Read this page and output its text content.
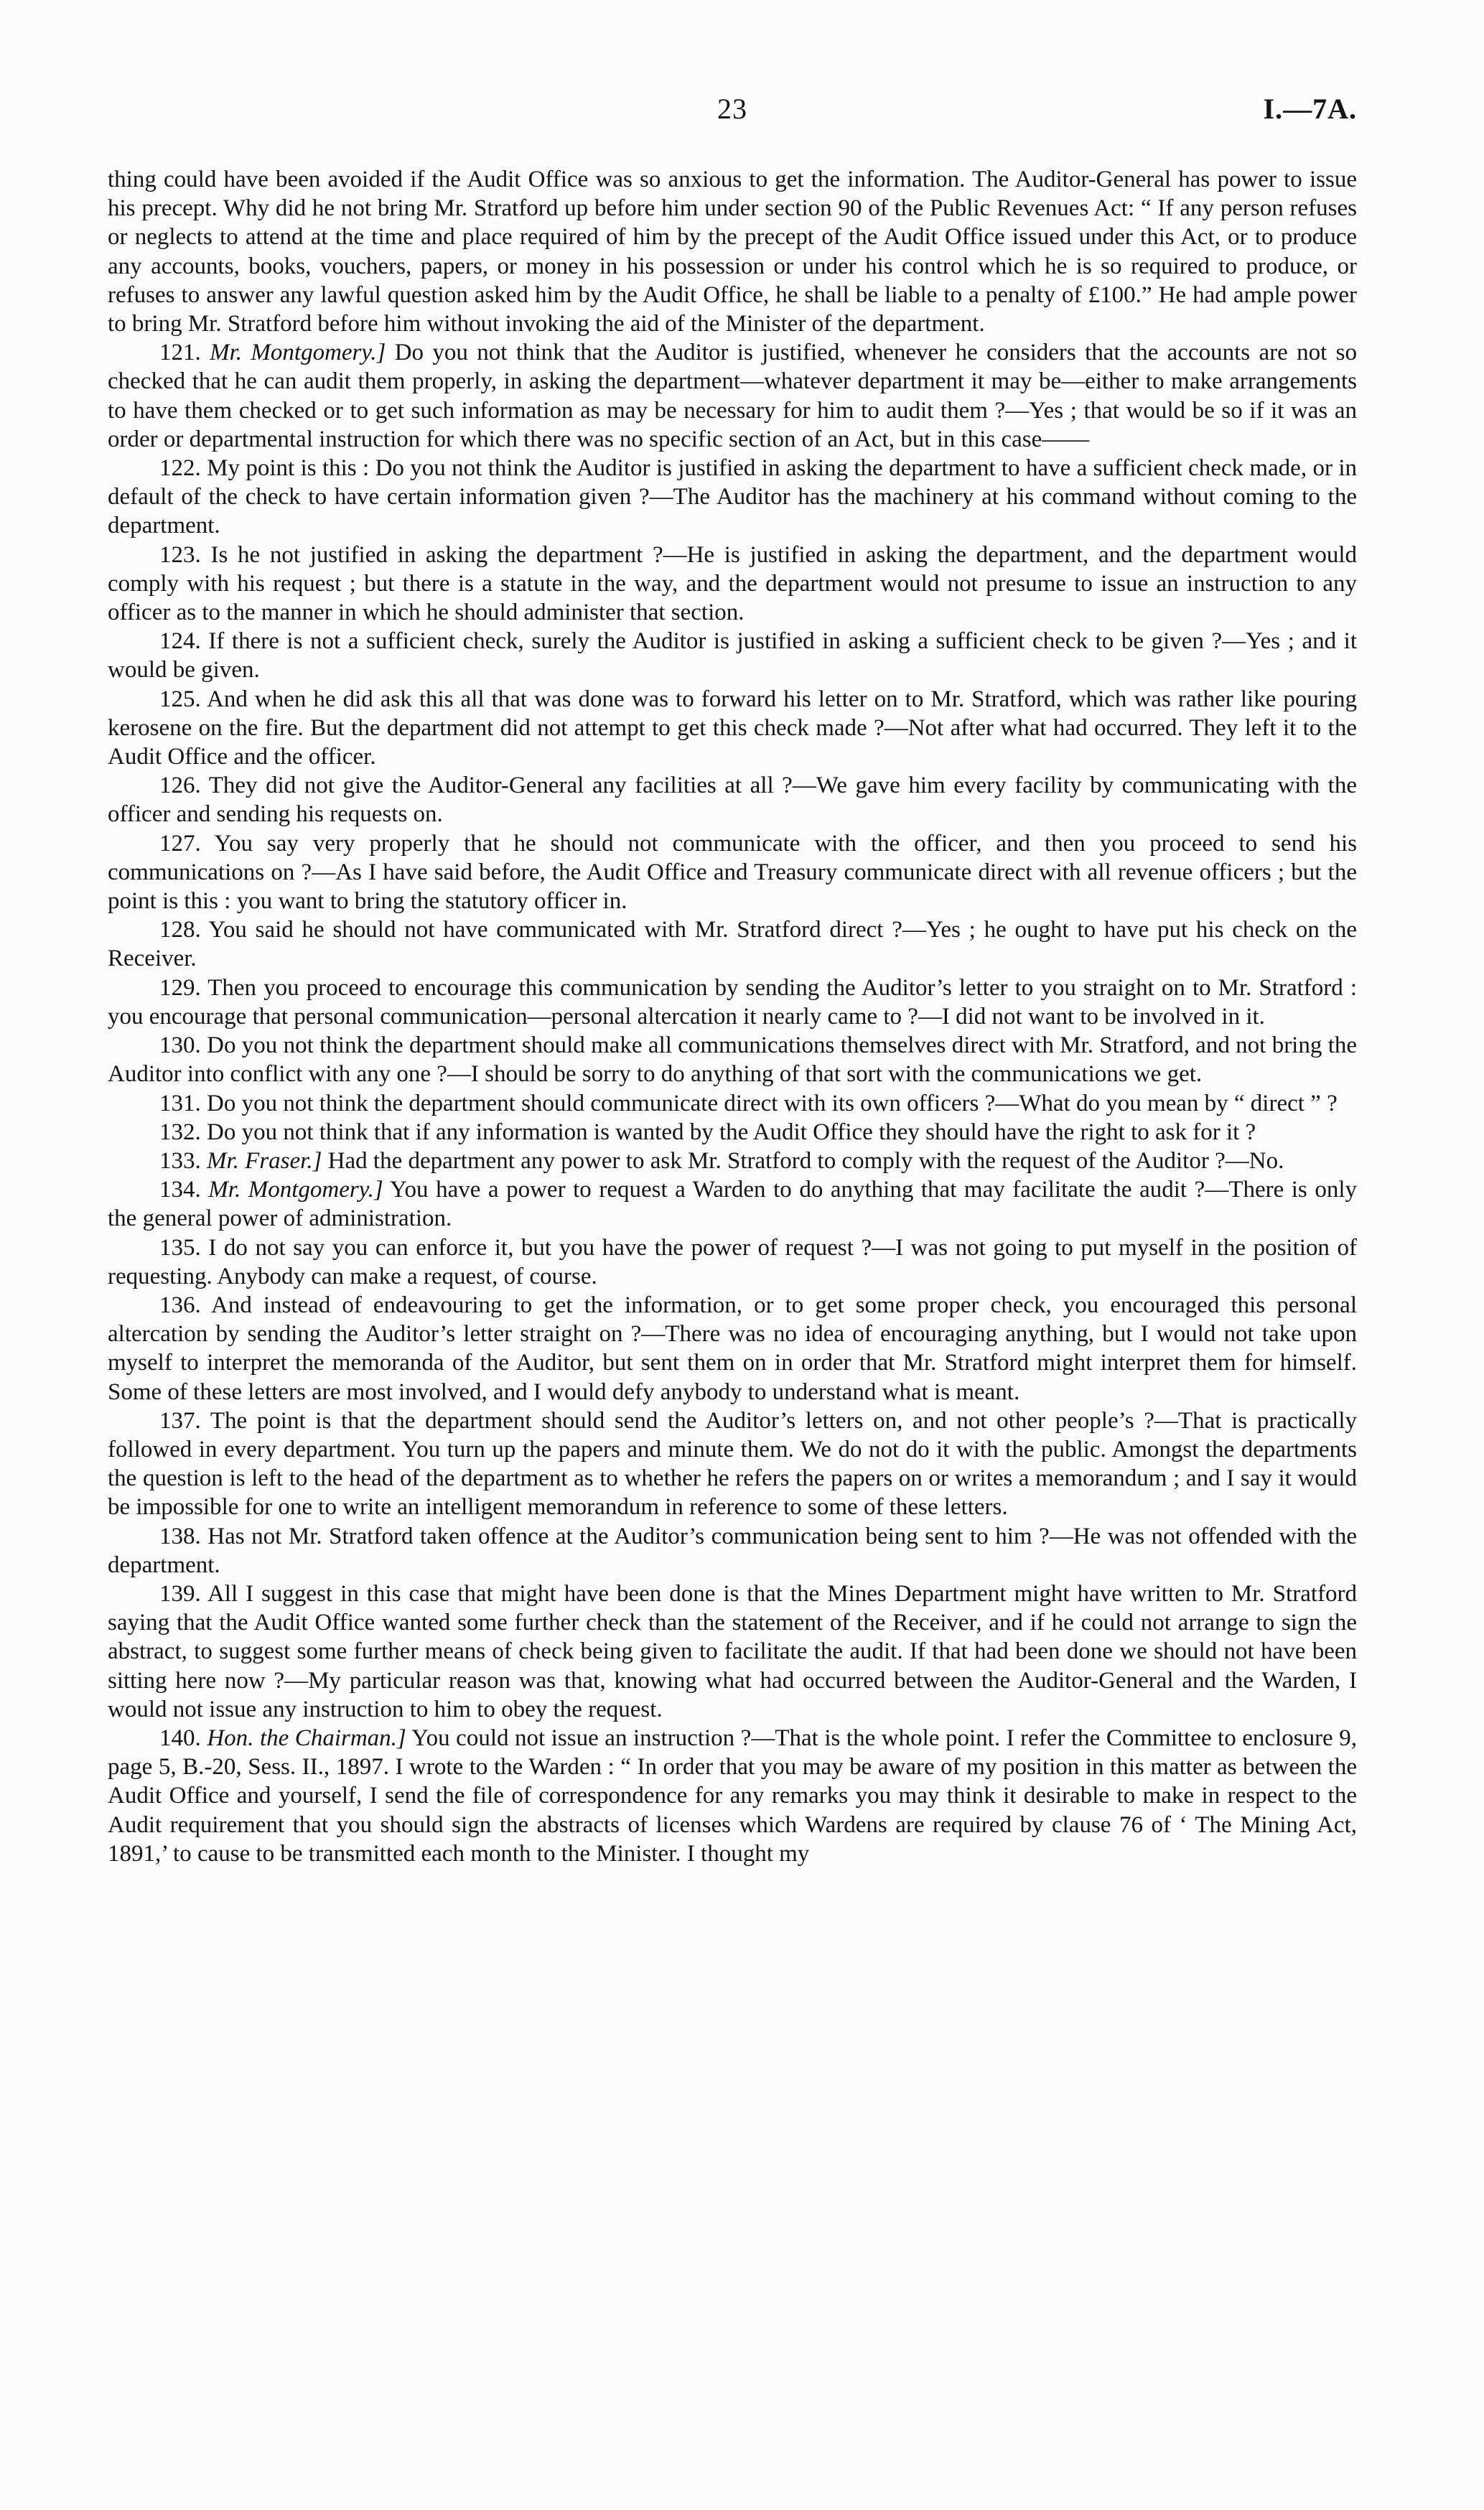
23	I.—7A.

thing could have been avoided if the Audit Office was so anxious to get the information. The Auditor-General has power to issue his precept. Why did he not bring Mr. Stratford up before him under section 90 of the Public Revenues Act: “ If any person refuses or neglects to attend at the time and place required of him by the precept of the Audit Office issued under this Act, or to produce any accounts, books, vouchers, papers, or money in his possession or under his control which he is so required to produce, or refuses to answer any lawful question asked him by the Audit Office, he shall be liable to a penalty of £100.” He had ample power to bring Mr. Stratford before him without invoking the aid of the Minister of the department.

121. Mr. Montgomery.] Do you not think that the Auditor is justified, whenever he considers that the accounts are not so checked that he can audit them properly, in asking the department—whatever department it may be—either to make arrangements to have them checked or to get such information as may be necessary for him to audit them ?—Yes ; that would be so if it was an order or departmental instruction for which there was no specific section of an Act, but in this case——

122. My point is this : Do you not think the Auditor is justified in asking the department to have a sufficient check made, or in default of the check to have certain information given ?—The Auditor has the machinery at his command without coming to the department.

123. Is he not justified in asking the department ?—He is justified in asking the department, and the department would comply with his request ; but there is a statute in the way, and the department would not presume to issue an instruction to any officer as to the manner in which he should administer that section.

124. If there is not a sufficient check, surely the Auditor is justified in asking a sufficient check to be given ?—Yes ; and it would be given.

125. And when he did ask this all that was done was to forward his letter on to Mr. Stratford, which was rather like pouring kerosene on the fire. But the department did not attempt to get this check made ?—Not after what had occurred. They left it to the Audit Office and the officer.

126. They did not give the Auditor-General any facilities at all ?—We gave him every facility by communicating with the officer and sending his requests on.

127. You say very properly that he should not communicate with the officer, and then you proceed to send his communications on ?—As I have said before, the Audit Office and Treasury communicate direct with all revenue officers ; but the point is this : you want to bring the statutory officer in.

128. You said he should not have communicated with Mr. Stratford direct ?—Yes ; he ought to have put his check on the Receiver.

129. Then you proceed to encourage this communication by sending the Auditor’s letter to you straight on to Mr. Stratford : you encourage that personal communication—personal altercation it nearly came to ?—I did not want to be involved in it.

130. Do you not think the department should make all communications themselves direct with Mr. Stratford, and not bring the Auditor into conflict with any one ?—I should be sorry to do anything of that sort with the communications we get.

131. Do you not think the department should communicate direct with its own officers ?—What do you mean by “ direct ” ?

132. Do you not think that if any information is wanted by the Audit Office they should have the right to ask for it ?

133. Mr. Fraser.] Had the department any power to ask Mr. Stratford to comply with the request of the Auditor ?—No.

134. Mr. Montgomery.] You have a power to request a Warden to do anything that may facilitate the audit ?—There is only the general power of administration.

135. I do not say you can enforce it, but you have the power of request ?—I was not going to put myself in the position of requesting. Anybody can make a request, of course.

136. And instead of endeavouring to get the information, or to get some proper check, you encouraged this personal altercation by sending the Auditor’s letter straight on ?—There was no idea of encouraging anything, but I would not take upon myself to interpret the memoranda of the Auditor, but sent them on in order that Mr. Stratford might interpret them for himself. Some of these letters are most involved, and I would defy anybody to understand what is meant.

137. The point is that the department should send the Auditor’s letters on, and not other people’s ?—That is practically followed in every department. You turn up the papers and minute them. We do not do it with the public. Amongst the departments the question is left to the head of the department as to whether he refers the papers on or writes a memorandum ; and I say it would be impossible for one to write an intelligent memorandum in reference to some of these letters.

138. Has not Mr. Stratford taken offence at the Auditor’s communication being sent to him ?—He was not offended with the department.

139. All I suggest in this case that might have been done is that the Mines Department might have written to Mr. Stratford saying that the Audit Office wanted some further check than the statement of the Receiver, and if he could not arrange to sign the abstract, to suggest some further means of check being given to facilitate the audit. If that had been done we should not have been sitting here now ?—My particular reason was that, knowing what had occurred between the Auditor-General and the Warden, I would not issue any instruction to him to obey the request.

140. Hon. the Chairman.] You could not issue an instruction ?—That is the whole point. I refer the Committee to enclosure 9, page 5, B.-20, Sess. II., 1897. I wrote to the Warden : “ In order that you may be aware of my position in this matter as between the Audit Office and yourself, I send the file of correspondence for any remarks you may think it desirable to make in respect to the Audit requirement that you should sign the abstracts of licenses which Wardens are required by clause 76 of ‘ The Mining Act, 1891,’ to cause to be transmitted each month to the Minister. I thought my
